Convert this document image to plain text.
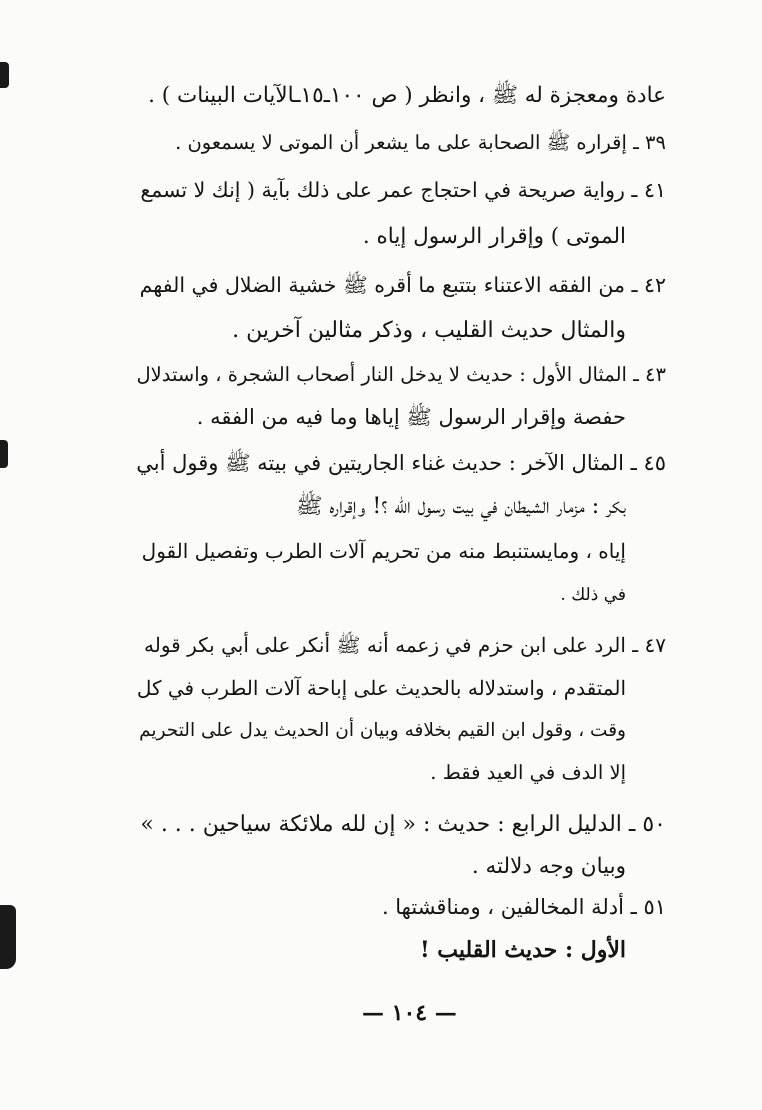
عادة ومعجزة له ﷺ ، وانظر ( ص ١٠٠ـ١٥ـالآيات البينات ) .
٣٩ ـ إقراره ﷺ الصحابة على ما يشعر أن الموتى لا يسمعون .
٤١ ـ رواية صريحة في احتجاج عمر على ذلك بآية ( إنك لا تسمع
الموتى ) وإقرار الرسول إياه .
٤٢ ـ من الفقه الاعتناء بتتبع ما أقره ﷺ خشية الضلال في الفهم
والمثال حديث القليب ، وذكر مثالين آخرين .
٤٣ ـ المثال الأول : حديث لا يدخل النار أصحاب الشجرة ، واستدلال
حفصة وإقرار الرسول ﷺ إياها وما فيه من الفقه .
٤٥ ـ المثال الآخر : حديث غناء الجاريتين في بيته ﷺ وقول أبي
بكر : مزمار الشيطان في بيت رسول الله ؟! وإقراره ﷺ
إياه ، ومايستنبط منه من تحريم آلات الطرب وتفصيل القول
في ذلك .
٤٧ ـ الرد على ابن حزم في زعمه أنه ﷺ أنكر على أبي بكر قوله
المتقدم ، واستدلاله بالحديث على إباحة آلات الطرب في كل
وقت ، وقول ابن القيم بخلافه وبيان أن الحديث يدل على التحريم
إلا الدف في العيد فقط .
٥٠ ـ الدليل الرابع : حديث : « إن لله ملائكة سياحين . . . »
وبيان وجه دلالته .
٥١ ـ أدلة المخالفين ، ومناقشتها .
الأول : حديث القليب !
— ١٠٤ —
